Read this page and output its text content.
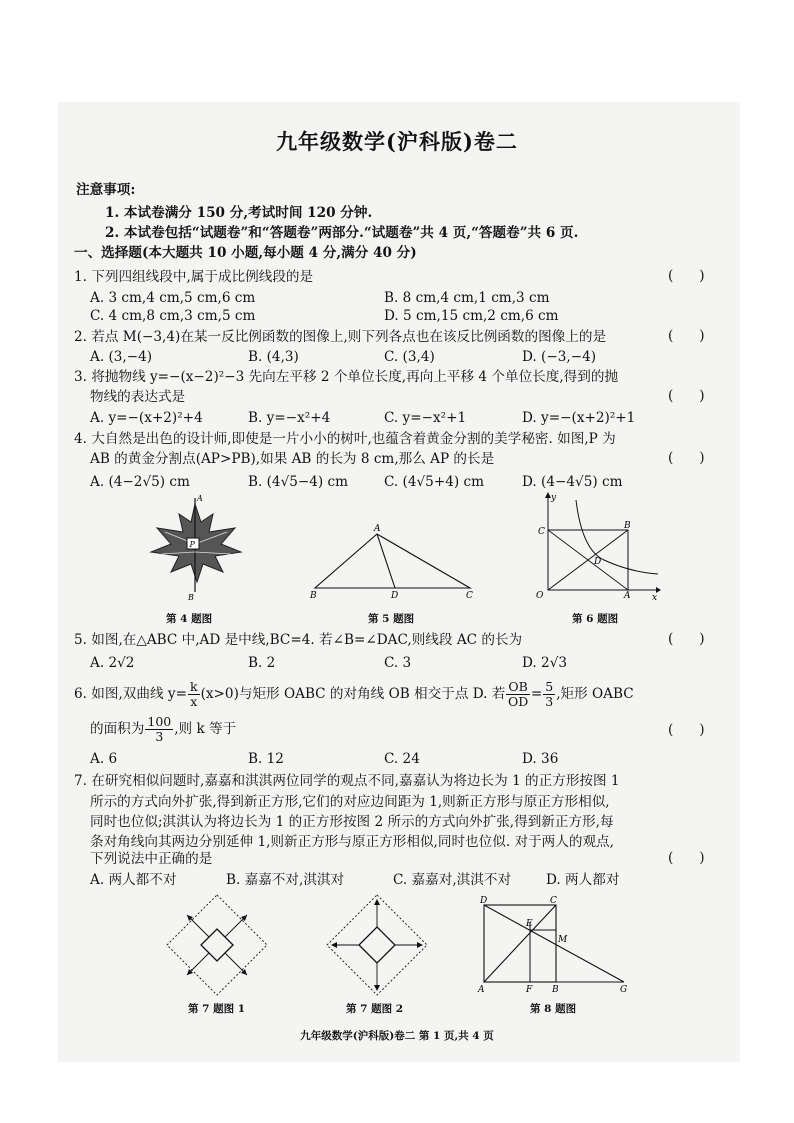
九年级数学(沪科版)卷二
注意事项:
1. 本试卷满分 150 分,考试时间 120 分钟.
2. 本试卷包括“试题卷”和“答题卷”两部分.“试题卷”共 4 页,“答题卷”共 6 页.
一、选择题(本大题共 10 小题,每小题 4 分,满分 40 分)
1. 下列四组线段中,属于成比例线段的是	(      )
A. 3 cm,4 cm,5 cm,6 cm	B. 8 cm,4 cm,1 cm,3 cm
C. 4 cm,8 cm,3 cm,5 cm	D. 5 cm,15 cm,2 cm,6 cm
2. 若点 M(−3,4)在某一反比例函数的图像上,则下列各点也在该反比例函数的图像上的是	(      )
A. (3,−4)	B. (4,3)	C. (3,4)	D. (−3,−4)
3. 将抛物线 y=−(x−2)²−3 先向左平移 2 个单位长度,再向上平移 4 个单位长度,得到的抛
物线的表达式是	(      )
A. y=−(x+2)²+4	B. y=−x²+4	C. y=−x²+1	D. y=−(x+2)²+1
4. 大自然是出色的设计师,即使是一片小小的树叶,也蕴含着黄金分割的美学秘密. 如图,P 为
AB 的黄金分割点(AP>PB),如果 AB 的长为 8 cm,那么 AP 的长是	(      )
A. (4−2√5) cm	B. (4√5−4) cm	C. (4√5+4) cm	D. (4−4√5) cm
P
A
B
第 4 题图
A
B	D	C
第 5 题图
O
y
x
C
B
D
A
第 6 题图
5. 如图,在△ABC 中,AD 是中线,BC=4. 若∠B=∠DAC,则线段 AC 的长为	(      )
A. 2√2	B. 2	C. 3	D. 2√3
6. 如图,双曲线 $y= \frac{k}{x} (x>0)$与矩形 OABC 的对角线 OB 相交于点 D. 若 $\frac{OB}{OD} = \frac{5}{3}$ ,矩形 OABC
的面积为 $\frac{100}{3}$ ,则 k 等于	(      )
A. 6	B. 12	C. 24	D. 36
7. 在研究相似问题时,嘉嘉和淇淇两位同学的观点不同,嘉嘉认为将边长为 1 的正方形按图 1
所示的方式向外扩张,得到新正方形,它们的对应边间距为 1,则新正方形与原正方形相似,
同时也位似;淇淇认为将边长为 1 的正方形按图 2 所示的方式向外扩张,得到新正方形,每
条对角线向其两边分别延伸 1,则新正方形与原正方形相似,同时也位似. 对于两人的观点,
下列说法中正确的是	(      )
A. 两人都不对	B. 嘉嘉不对,淇淇对	C. 嘉嘉对,淇淇不对	D. 两人都对
第 7 题图 1	第 7 题图 2
D	C
E
M
A	F B	G
第 8 题图
九年级数学(沪科版)卷二 第 1 页,共 4 页
